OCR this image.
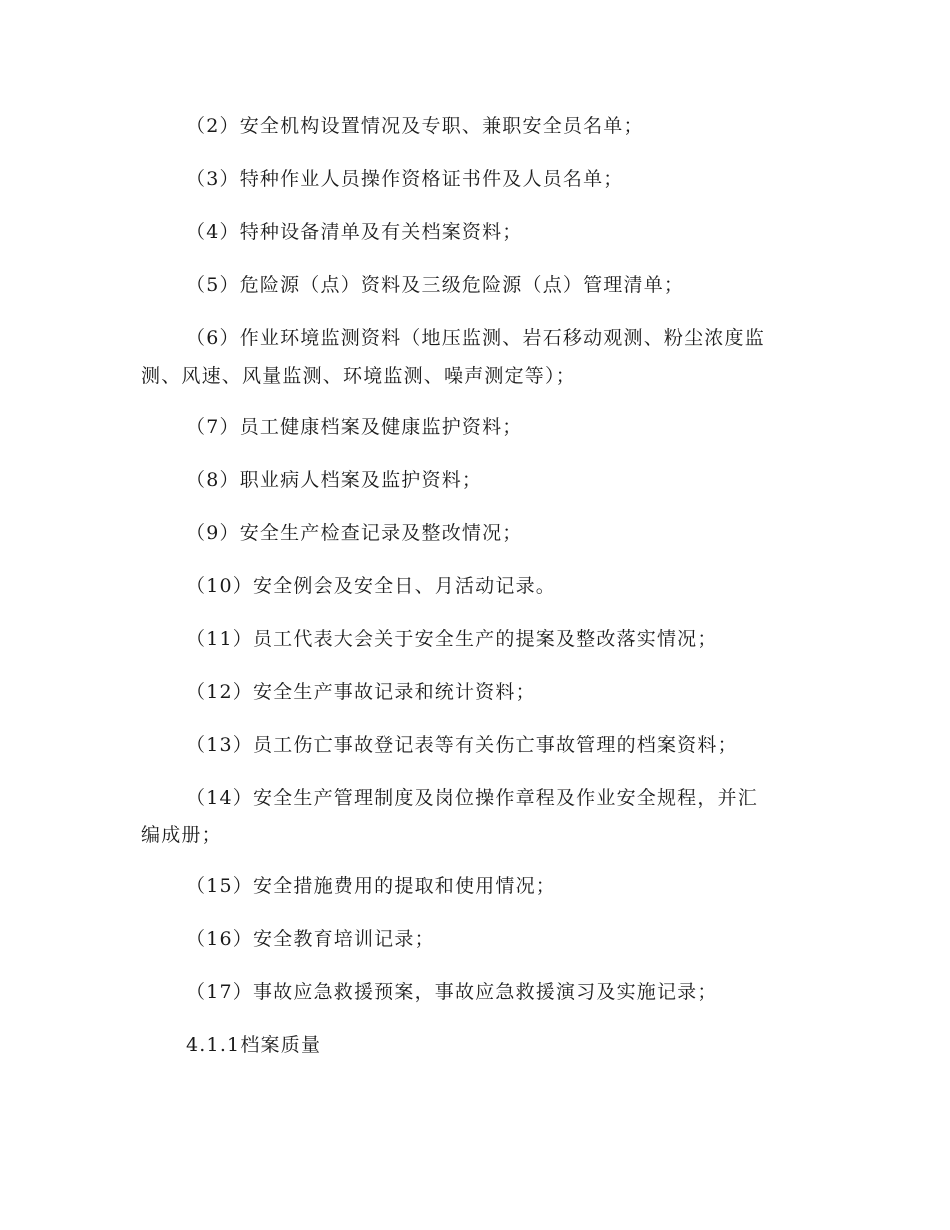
（2）安全机构设置情况及专职、兼职安全员名单；
（3）特种作业人员操作资格证书件及人员名单；
（4）特种设备清单及有关档案资料；
（5）危险源（点）资料及三级危险源（点）管理清单；
（6）作业环境监测资料（地压监测、岩石移动观测、粉尘浓度监
测、风速、风量监测、环境监测、噪声测定等）；
（7）员工健康档案及健康监护资料；
（8）职业病人档案及监护资料；
（9）安全生产检查记录及整改情况；
（10）安全例会及安全日、月活动记录。
（11）员工代表大会关于安全生产的提案及整改落实情况；
（12）安全生产事故记录和统计资料；
（13）员工伤亡事故登记表等有关伤亡事故管理的档案资料；
（14）安全生产管理制度及岗位操作章程及作业安全规程，并汇
编成册；
（15）安全措施费用的提取和使用情况；
（16）安全教育培训记录；
（17）事故应急救援预案，事故应急救援演习及实施记录；
4.1.1档案质量
